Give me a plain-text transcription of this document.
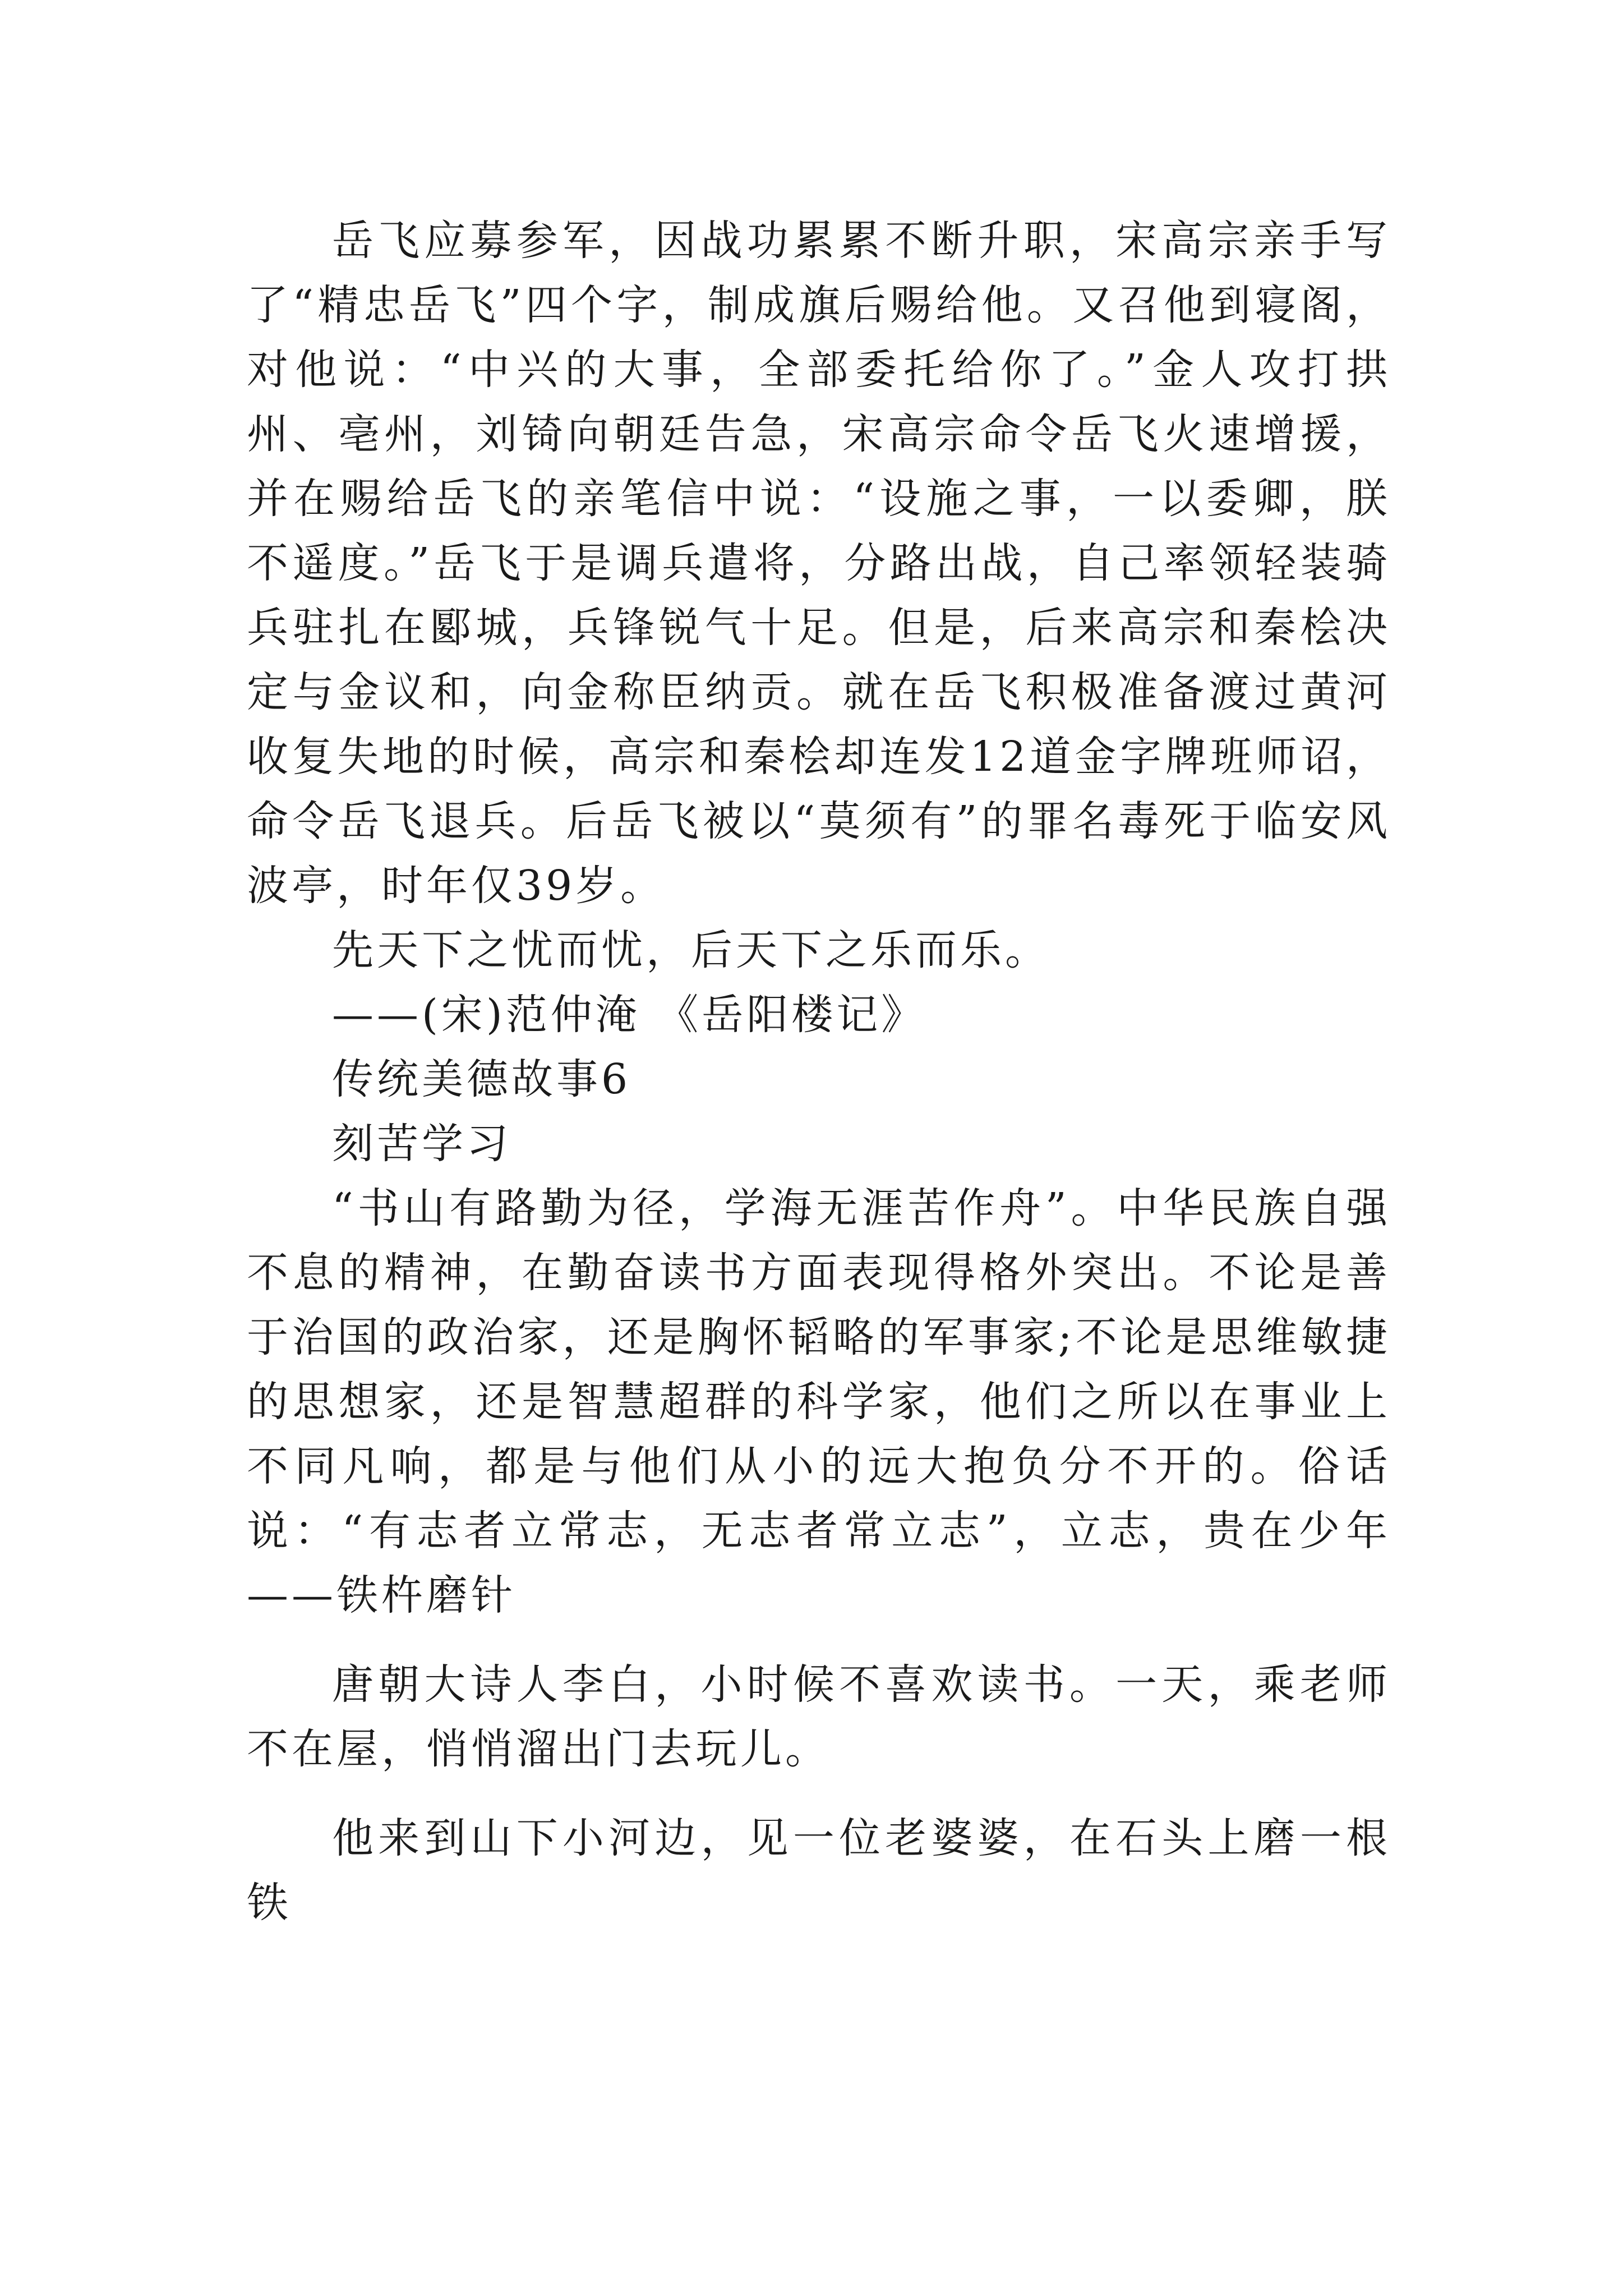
岳飞应募参军，因战功累累不断升职，宋高宗亲手写了“精忠岳飞”四个字，制成旗后赐给他。又召他到寝阁，对他说：“中兴的大事，全部委托给你了。”金人攻打拱州、亳州，刘锜向朝廷告急，宋高宗命令岳飞火速增援，并在赐给岳飞的亲笔信中说：“设施之事，一以委卿，朕不遥度。”岳飞于是调兵遣将，分路出战，自己率领轻装骑兵驻扎在郾城，兵锋锐气十足。但是，后来高宗和秦桧决定与金议和，向金称臣纳贡。就在岳飞积极准备渡过黄河收复失地的时候，高宗和秦桧却连发12道金字牌班师诏，命令岳飞退兵。后岳飞被以“莫须有”的罪名毒死于临安风波亭，时年仅39岁。

先天下之忧而忧，后天下之乐而乐。

——(宋)范仲淹 《岳阳楼记》

传统美德故事6

刻苦学习

“书山有路勤为径，学海无涯苦作舟”。中华民族自强不息的精神，在勤奋读书方面表现得格外突出。不论是善于治国的政治家，还是胸怀韬略的军事家;不论是思维敏捷的思想家，还是智慧超群的科学家，他们之所以在事业上不同凡响，都是与他们从小的远大抱负分不开的。俗话说：“有志者立常志，无志者常立志”，立志，贵在少年——铁杵磨针

唐朝大诗人李白，小时候不喜欢读书。一天，乘老师不在屋，悄悄溜出门去玩儿。

他来到山下小河边，见一位老婆婆，在石头上磨一根铁
